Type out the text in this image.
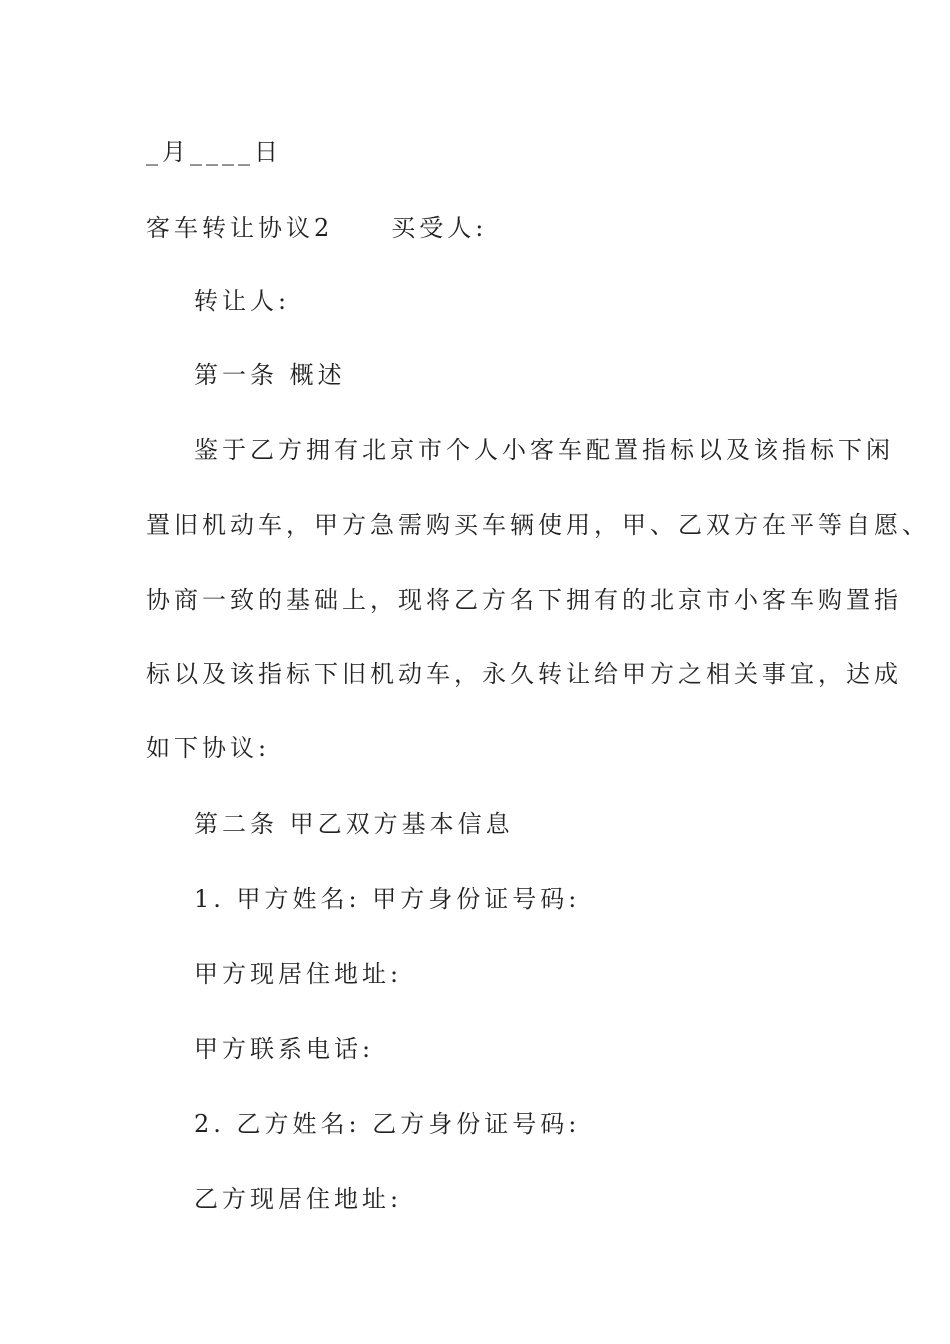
_月____日
客车转让协议2 买受人:
转让人:
第一条 概述
鉴于乙方拥有北京市个人小客车配置指标以及该指标下闲
置旧机动车，甲方急需购买车辆使用，甲、乙双方在平等自愿、
协商一致的基础上，现将乙方名下拥有的北京市小客车购置指
标以及该指标下旧机动车，永久转让给甲方之相关事宜，达成
如下协议:
第二条 甲乙双方基本信息
1. 甲方姓名: 甲方身份证号码:
甲方现居住地址:
甲方联系电话:
2. 乙方姓名: 乙方身份证号码:
乙方现居住地址:
